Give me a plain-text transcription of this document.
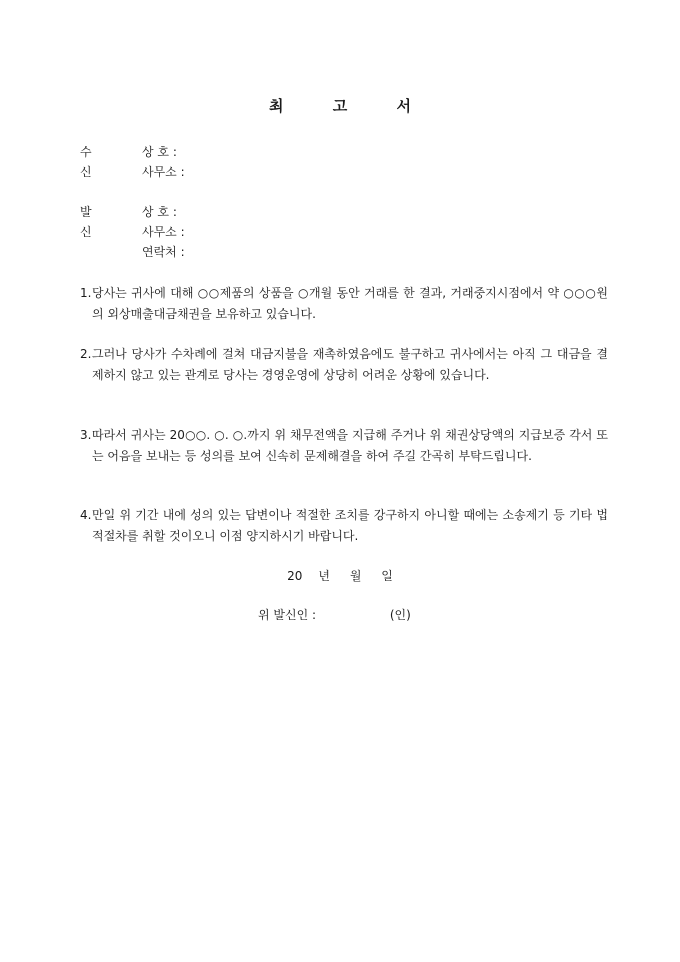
최 고 서
수 신
상 호 :
사무소 :
발 신
상 호 :
사무소 :
연락처 :
1. 당사는 귀사에 대해 ○○제품의 상품을 ○개월 동안 거래를 한 결과, 거래중지시점에서 약 ○○○원의 외상매출대금채권을 보유하고 있습니다.
2. 그러나 당사가 수차례에 걸쳐 대금지불을 재촉하였음에도 불구하고 귀사에서는 아직 그 대금을 결제하지 않고 있는 관계로 당사는 경영운영에 상당히 어려운 상황에 있습니다.
3. 따라서 귀사는 20○○. ○. ○.까지 위 채무전액을 지급해 주거나 위 채권상당액의 지급보증 각서 또는 어음을 보내는 등 성의를 보여 신속히 문제해결을 하여 주길 간곡히 부탁드립니다.
4. 만일 위 기간 내에 성의 있는 답변이나 적절한 조치를 강구하지 아니할 때에는 소송제기 등 기타 법적절차를 취할 것이오니 이점 양지하시기 바랍니다.
20 년 월 일
위 발신인 :	(인)
